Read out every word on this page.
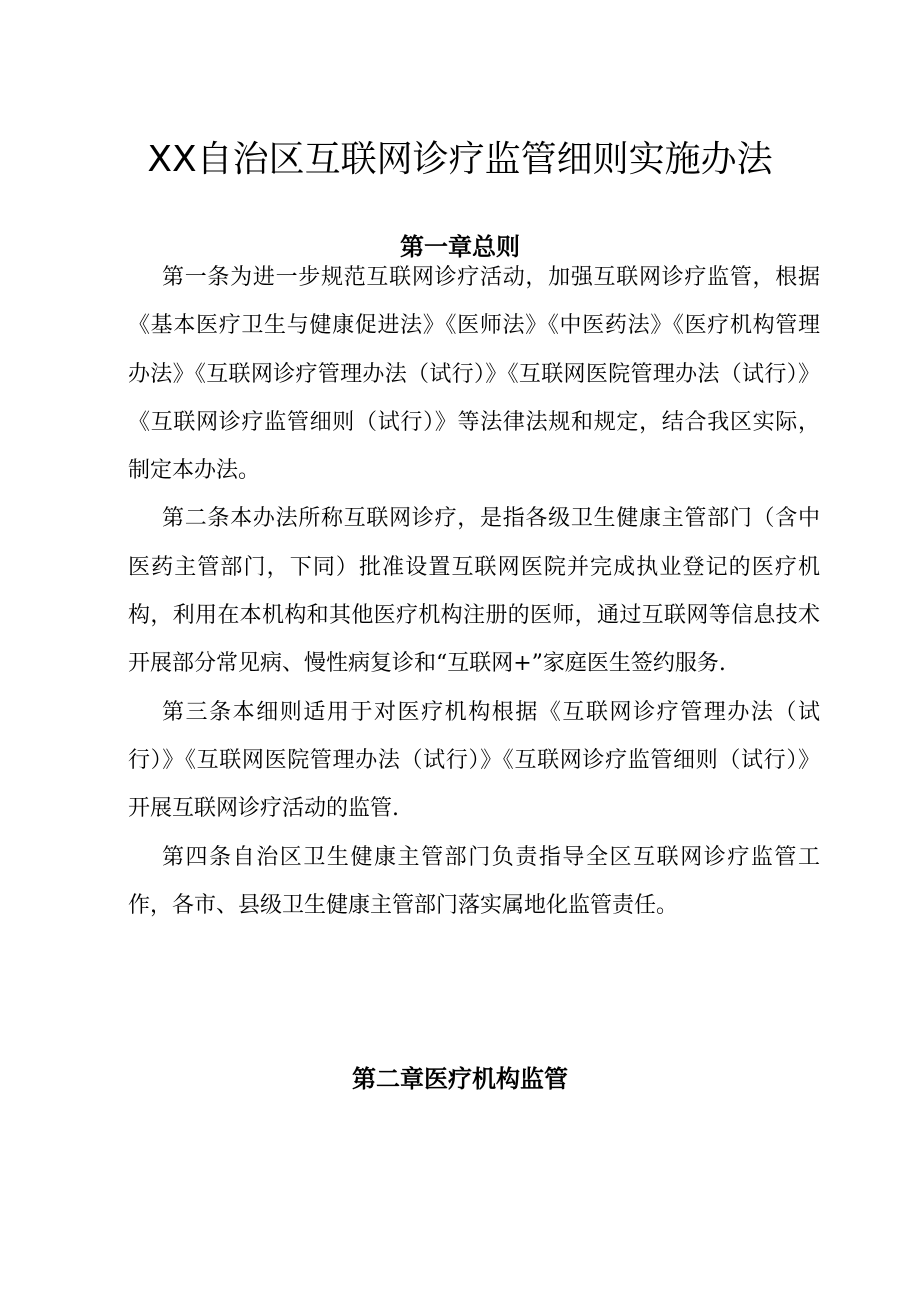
XX自治区互联网诊疗监管细则实施办法
第一章总则

第一条为进一步规范互联网诊疗活动，加强互联网诊疗监管，根据《基本医疗卫生与健康促进法》《医师法》《中医药法》《医疗机构管理办法》《互联网诊疗管理办法（试行）》《互联网医院管理办法（试行）》《互联网诊疗监管细则（试行）》等法律法规和规定，结合我区实际，制定本办法。

第二条本办法所称互联网诊疗，是指各级卫生健康主管部门（含中医药主管部门，下同）批准设置互联网医院并完成执业登记的医疗机构，利用在本机构和其他医疗机构注册的医师，通过互联网等信息技术开展部分常见病、慢性病复诊和“互联网+”家庭医生签约服务.

第三条本细则适用于对医疗机构根据《互联网诊疗管理办法（试行）》《互联网医院管理办法（试行）》《互联网诊疗监管细则（试行）》开展互联网诊疗活动的监管.

第四条自治区卫生健康主管部门负责指导全区互联网诊疗监管工作，各市、县级卫生健康主管部门落实属地化监管责任。

第二章医疗机构监管
